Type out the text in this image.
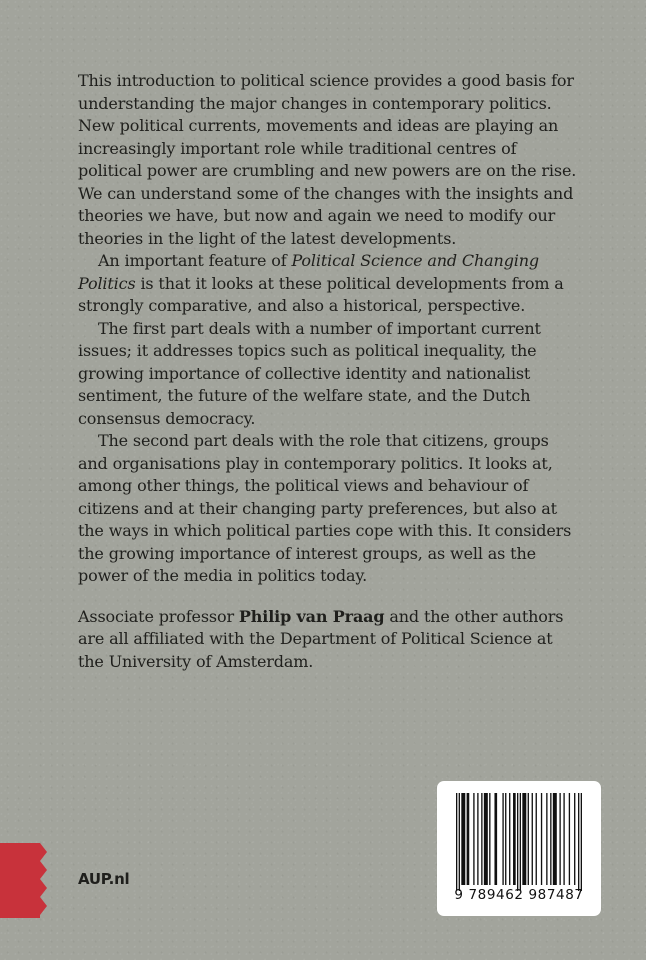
This introduction to political science provides a good basis for understanding the major changes in contemporary politics. New political currents, movements and ideas are playing an increasingly important role while traditional centres of political power are crumbling and new powers are on the rise. We can understand some of the changes with the insights and theories we have, but now and again we need to modify our theories in the light of the latest developments.

An important feature of Political Science and Changing Politics is that it looks at these political developments from a strongly comparative, and also a historical, perspective.

The first part deals with a number of important current issues; it addresses topics such as political inequality, the growing importance of collective identity and nationalist sentiment, the future of the welfare state, and the Dutch consensus democracy.

The second part deals with the role that citizens, groups and organisations play in contemporary politics. It looks at, among other things, the political views and behaviour of citizens and at their changing party preferences, but also at the ways in which political parties cope with this. It considers the growing importance of interest groups, as well as the power of the media in politics today.

Associate professor Philip van Praag and the other authors are all affiliated with the Department of Political Science at the University of Amsterdam.

AUP.nl
9 789462 987487
